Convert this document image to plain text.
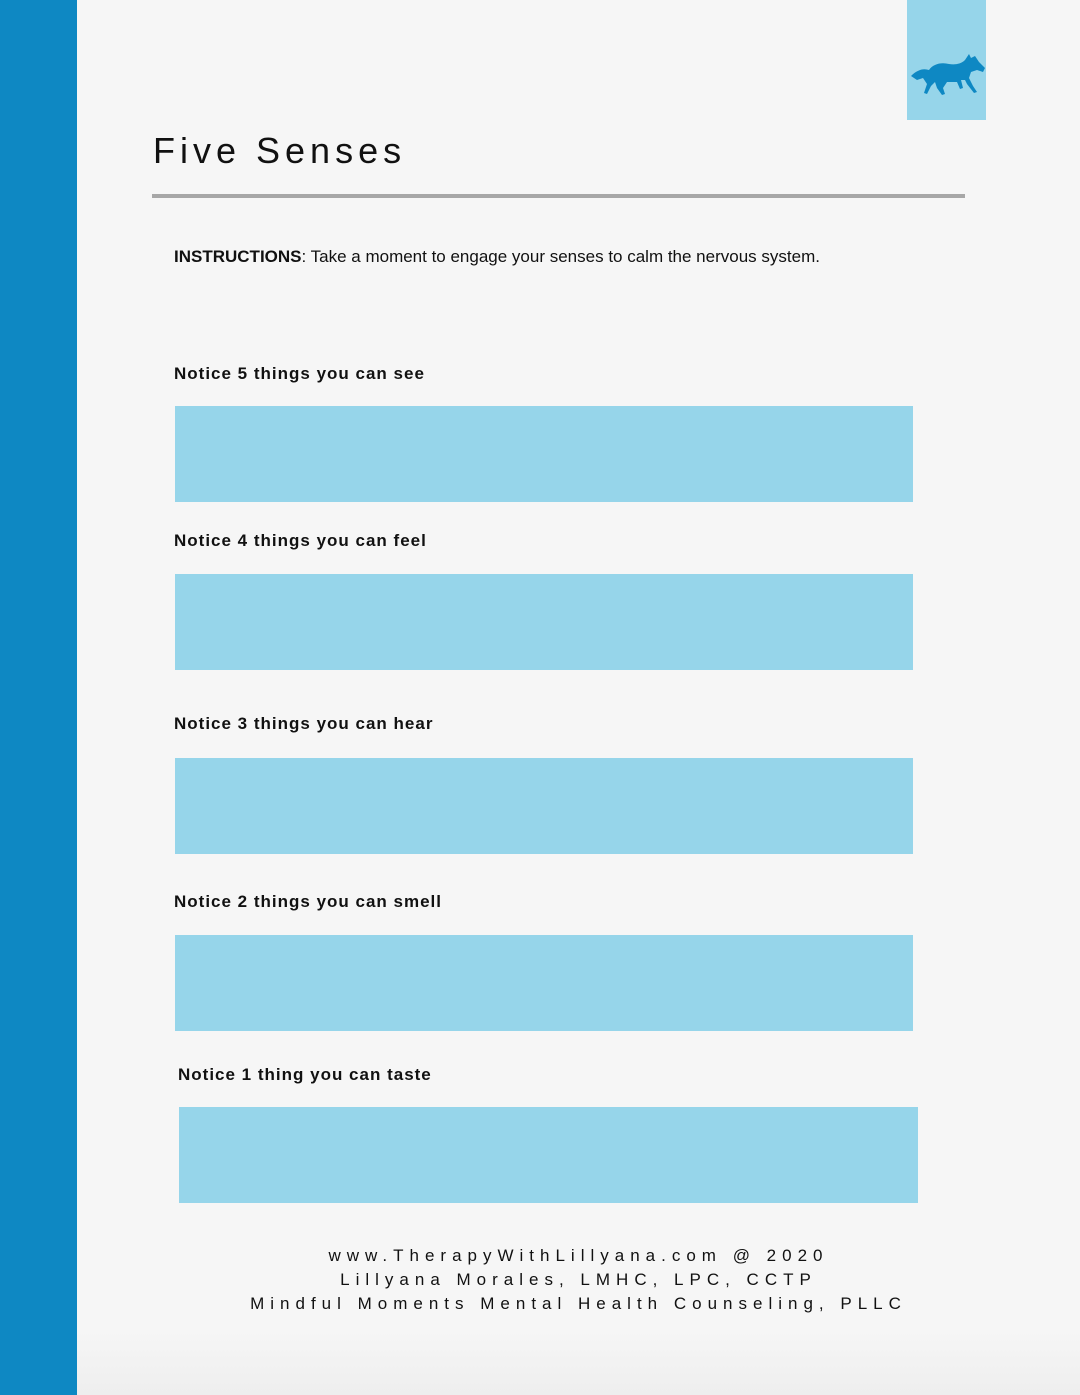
Five Senses
INSTRUCTIONS: Take a moment to engage your senses to calm the nervous system.
Notice 5 things you can see
Notice 4 things you can feel
Notice 3 things you can hear
Notice 2 things you can smell
Notice 1 thing you can taste
www.TherapyWithLillyana.com @ 2020
Lillyana Morales, LMHC, LPC, CCTP
Mindful Moments Mental Health Counseling, PLLC
